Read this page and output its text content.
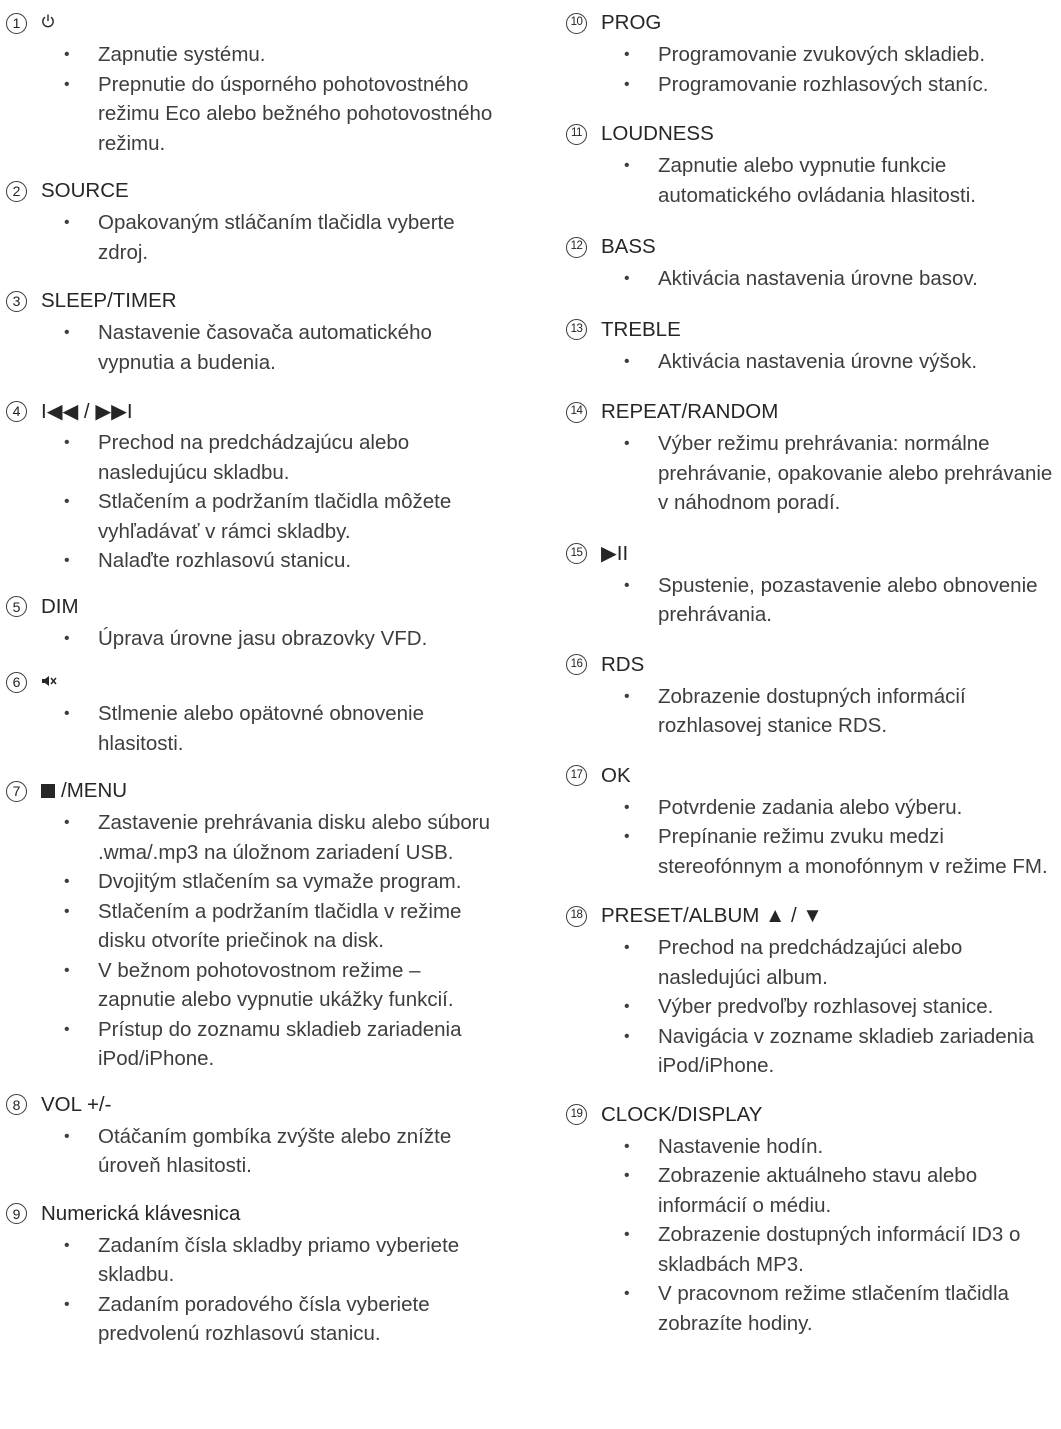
1
• Zapnutie systému.
• Prepnutie do úsporného pohotovostného režimu Eco alebo bežného pohotovostného režimu.
2	SOURCE
• Opakovaným stláčaním tlačidla vyberte zdroj.
3	SLEEP/TIMER
• Nastavenie časovača automatického vypnutia a budenia.
4	I◀◀ / ▶▶I
• Prechod na predchádzajúcu alebo nasledujúcu skladbu.
• Stlačením a podržaním tlačidla môžete vyhľadávať v rámci skladby.
• Nalaďte rozhlasovú stanicu.
5	DIM
• Úprava úrovne jasu obrazovky VFD.
6
• Stlmenie alebo opätovné obnovenie hlasitosti.
7	/MENU
• Zastavenie prehrávania disku alebo súboru .wma/.mp3 na úložnom zariadení USB.
• Dvojitým stlačením sa vymaže program.
• Stlačením a podržaním tlačidla v režime disku otvoríte priečinok na disk.
• V bežnom pohotovostnom režime – zapnutie alebo vypnutie ukážky funkcií.
• Prístup do zoznamu skladieb zariadenia iPod/iPhone.
8	VOL +/-
• Otáčaním gombíka zvýšte alebo znížte úroveň hlasitosti.
9	Numerická klávesnica
• Zadaním čísla skladby priamo vyberiete skladbu.
• Zadaním poradového čísla vyberiete predvolenú rozhlasovú stanicu.
10 PROG
• Programovanie zvukových skladieb.
• Programovanie rozhlasových staníc.
11 LOUDNESS
• Zapnutie alebo vypnutie funkcie automatického ovládania hlasitosti.
12 BASS
• Aktivácia nastavenia úrovne basov.
13 TREBLE
• Aktivácia nastavenia úrovne výšok.
14 REPEAT/RANDOM
• Výber režimu prehrávania: normálne prehrávanie, opakovanie alebo prehrávanie v náhodnom poradí.
15 ▶II
• Spustenie, pozastavenie alebo obnovenie prehrávania.
16 RDS
• Zobrazenie dostupných informácií rozhlasovej stanice RDS.
17 OK
• Potvrdenie zadania alebo výberu.
• Prepínanie režimu zvuku medzi stereofónnym a monofónnym v režime FM.
18 PRESET/ALBUM ▲ / ▼
• Prechod na predchádzajúci alebo nasledujúci album.
• Výber predvoľby rozhlasovej stanice.
• Navigácia v zozname skladieb zariadenia iPod/iPhone.
19 CLOCK/DISPLAY
• Nastavenie hodín.
• Zobrazenie aktuálneho stavu alebo informácií o médiu.
• Zobrazenie dostupných informácií ID3 o skladbách MP3.
• V pracovnom režime stlačením tlačidla zobrazíte hodiny.
